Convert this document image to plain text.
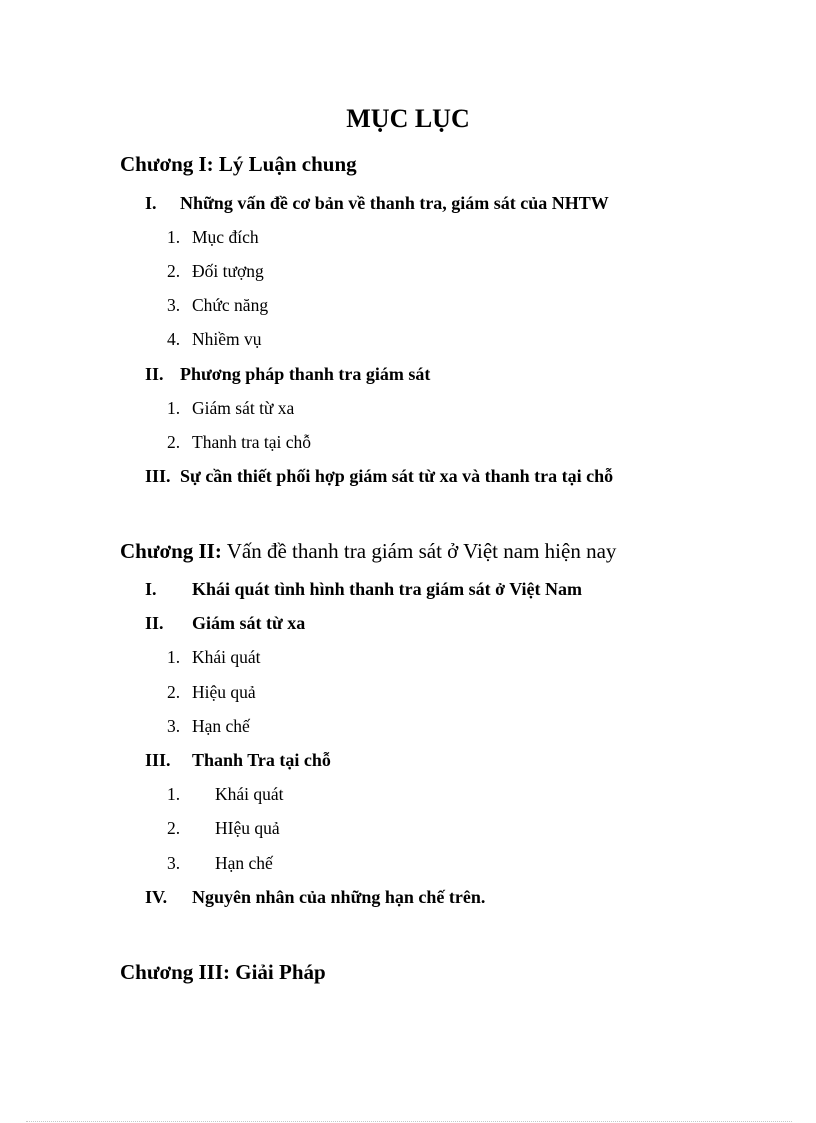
MỤC LỤC
Chương I: Lý Luận chung
I. Những vấn đề cơ bản về thanh tra, giám sát của NHTW
1. Mục đích
2. Đối tượng
3. Chức năng
4. Nhiềm vụ
II. Phương pháp thanh tra giám sát
1. Giám sát từ xa
2. Thanh tra tại chỗ
III. Sự cần thiết phối hợp giám sát từ xa và thanh tra tại chỗ
Chương II: Vấn đề thanh tra giám sát ở Việt nam hiện nay
I. Khái quát tình hình thanh tra giám sát ở Việt Nam
II. Giám sát từ xa
1. Khái quát
2. Hiệu quả
3. Hạn chế
III. Thanh Tra tại chỗ
1. Khái quát
2. HIệu quả
3. Hạn chế
IV. Nguyên nhân của những hạn chế trên.
Chương III: Giải Pháp
